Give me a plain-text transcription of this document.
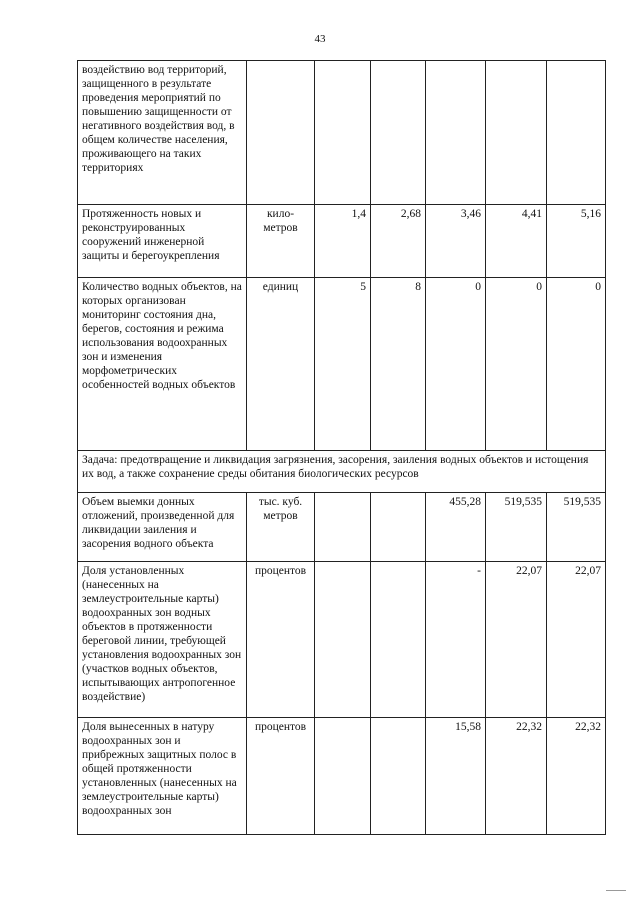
43
воздействию вод территорий, защищенного в результате проведения мероприятий по повышению защищенности от негативного воздействия вод, в общем количестве населения, проживающего на таких территориях						
Протяженность новых и реконструированных сооружений инженерной защиты и берегоукрепления	кило-метров	1,4	2,68	3,46	4,41	5,16
Количество водных объектов, на которых организован мониторинг состояния дна, берегов, состояния и режима использования водоохранных зон и изменения морфометрических особенностей водных объектов	единиц	5	8	0	0	0
Задача: предотвращение и ликвидация загрязнения, засорения, заиления водных объектов и истощения их вод, а также сохранение среды обитания биологических ресурсов						
Объем выемки донных отложений, произведенной для ликвидации заиления и засорения водного объекта	тыс. куб. метров			455,28	519,535	519,535
Доля установленных (нанесенных на землеустроительные карты) водоохранных зон водных объектов в протяженности береговой линии, требующей установления водоохранных зон (участков водных объектов, испытывающих антропогенное воздействие)	процентов			-	22,07	22,07
Доля вынесенных в натуру водоохранных зон и прибрежных защитных полос в общей протяженности установленных (нанесенных на землеустроительные карты) водоохранных зон	процентов			15,58	22,32	22,32
